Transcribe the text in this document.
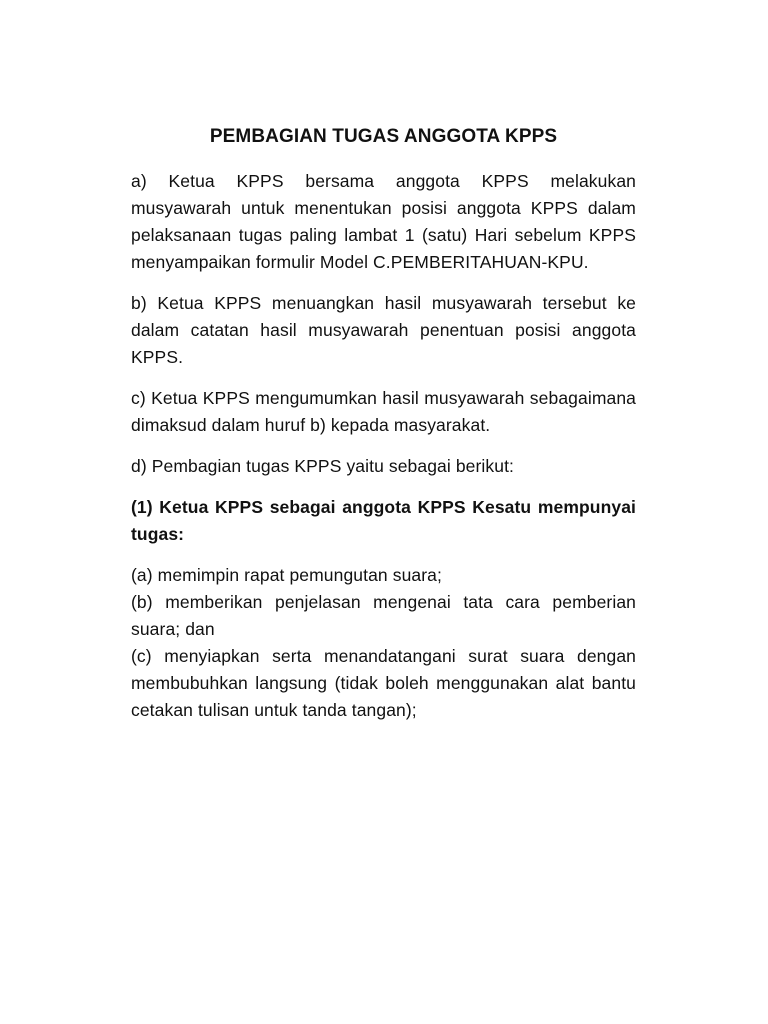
PEMBAGIAN TUGAS ANGGOTA KPPS
a) Ketua KPPS bersama anggota KPPS melakukan musyawarah untuk menentukan posisi anggota KPPS dalam pelaksanaan tugas paling lambat 1 (satu) Hari sebelum KPPS menyampaikan formulir Model C.PEMBERITAHUAN-KPU.
b) Ketua KPPS menuangkan hasil musyawarah tersebut ke dalam catatan hasil musyawarah penentuan posisi anggota KPPS.
c) Ketua KPPS mengumumkan hasil musyawarah sebagaimana dimaksud dalam huruf b) kepada masyarakat.
d) Pembagian tugas KPPS yaitu sebagai berikut:
(1) Ketua KPPS sebagai anggota KPPS Kesatu mempunyai tugas:
(a) memimpin rapat pemungutan suara;
(b) memberikan penjelasan mengenai tata cara pemberian suara; dan
(c) menyiapkan serta menandatangani surat suara dengan membubuhkan langsung (tidak boleh menggunakan alat bantu cetakan tulisan untuk tanda tangan);
